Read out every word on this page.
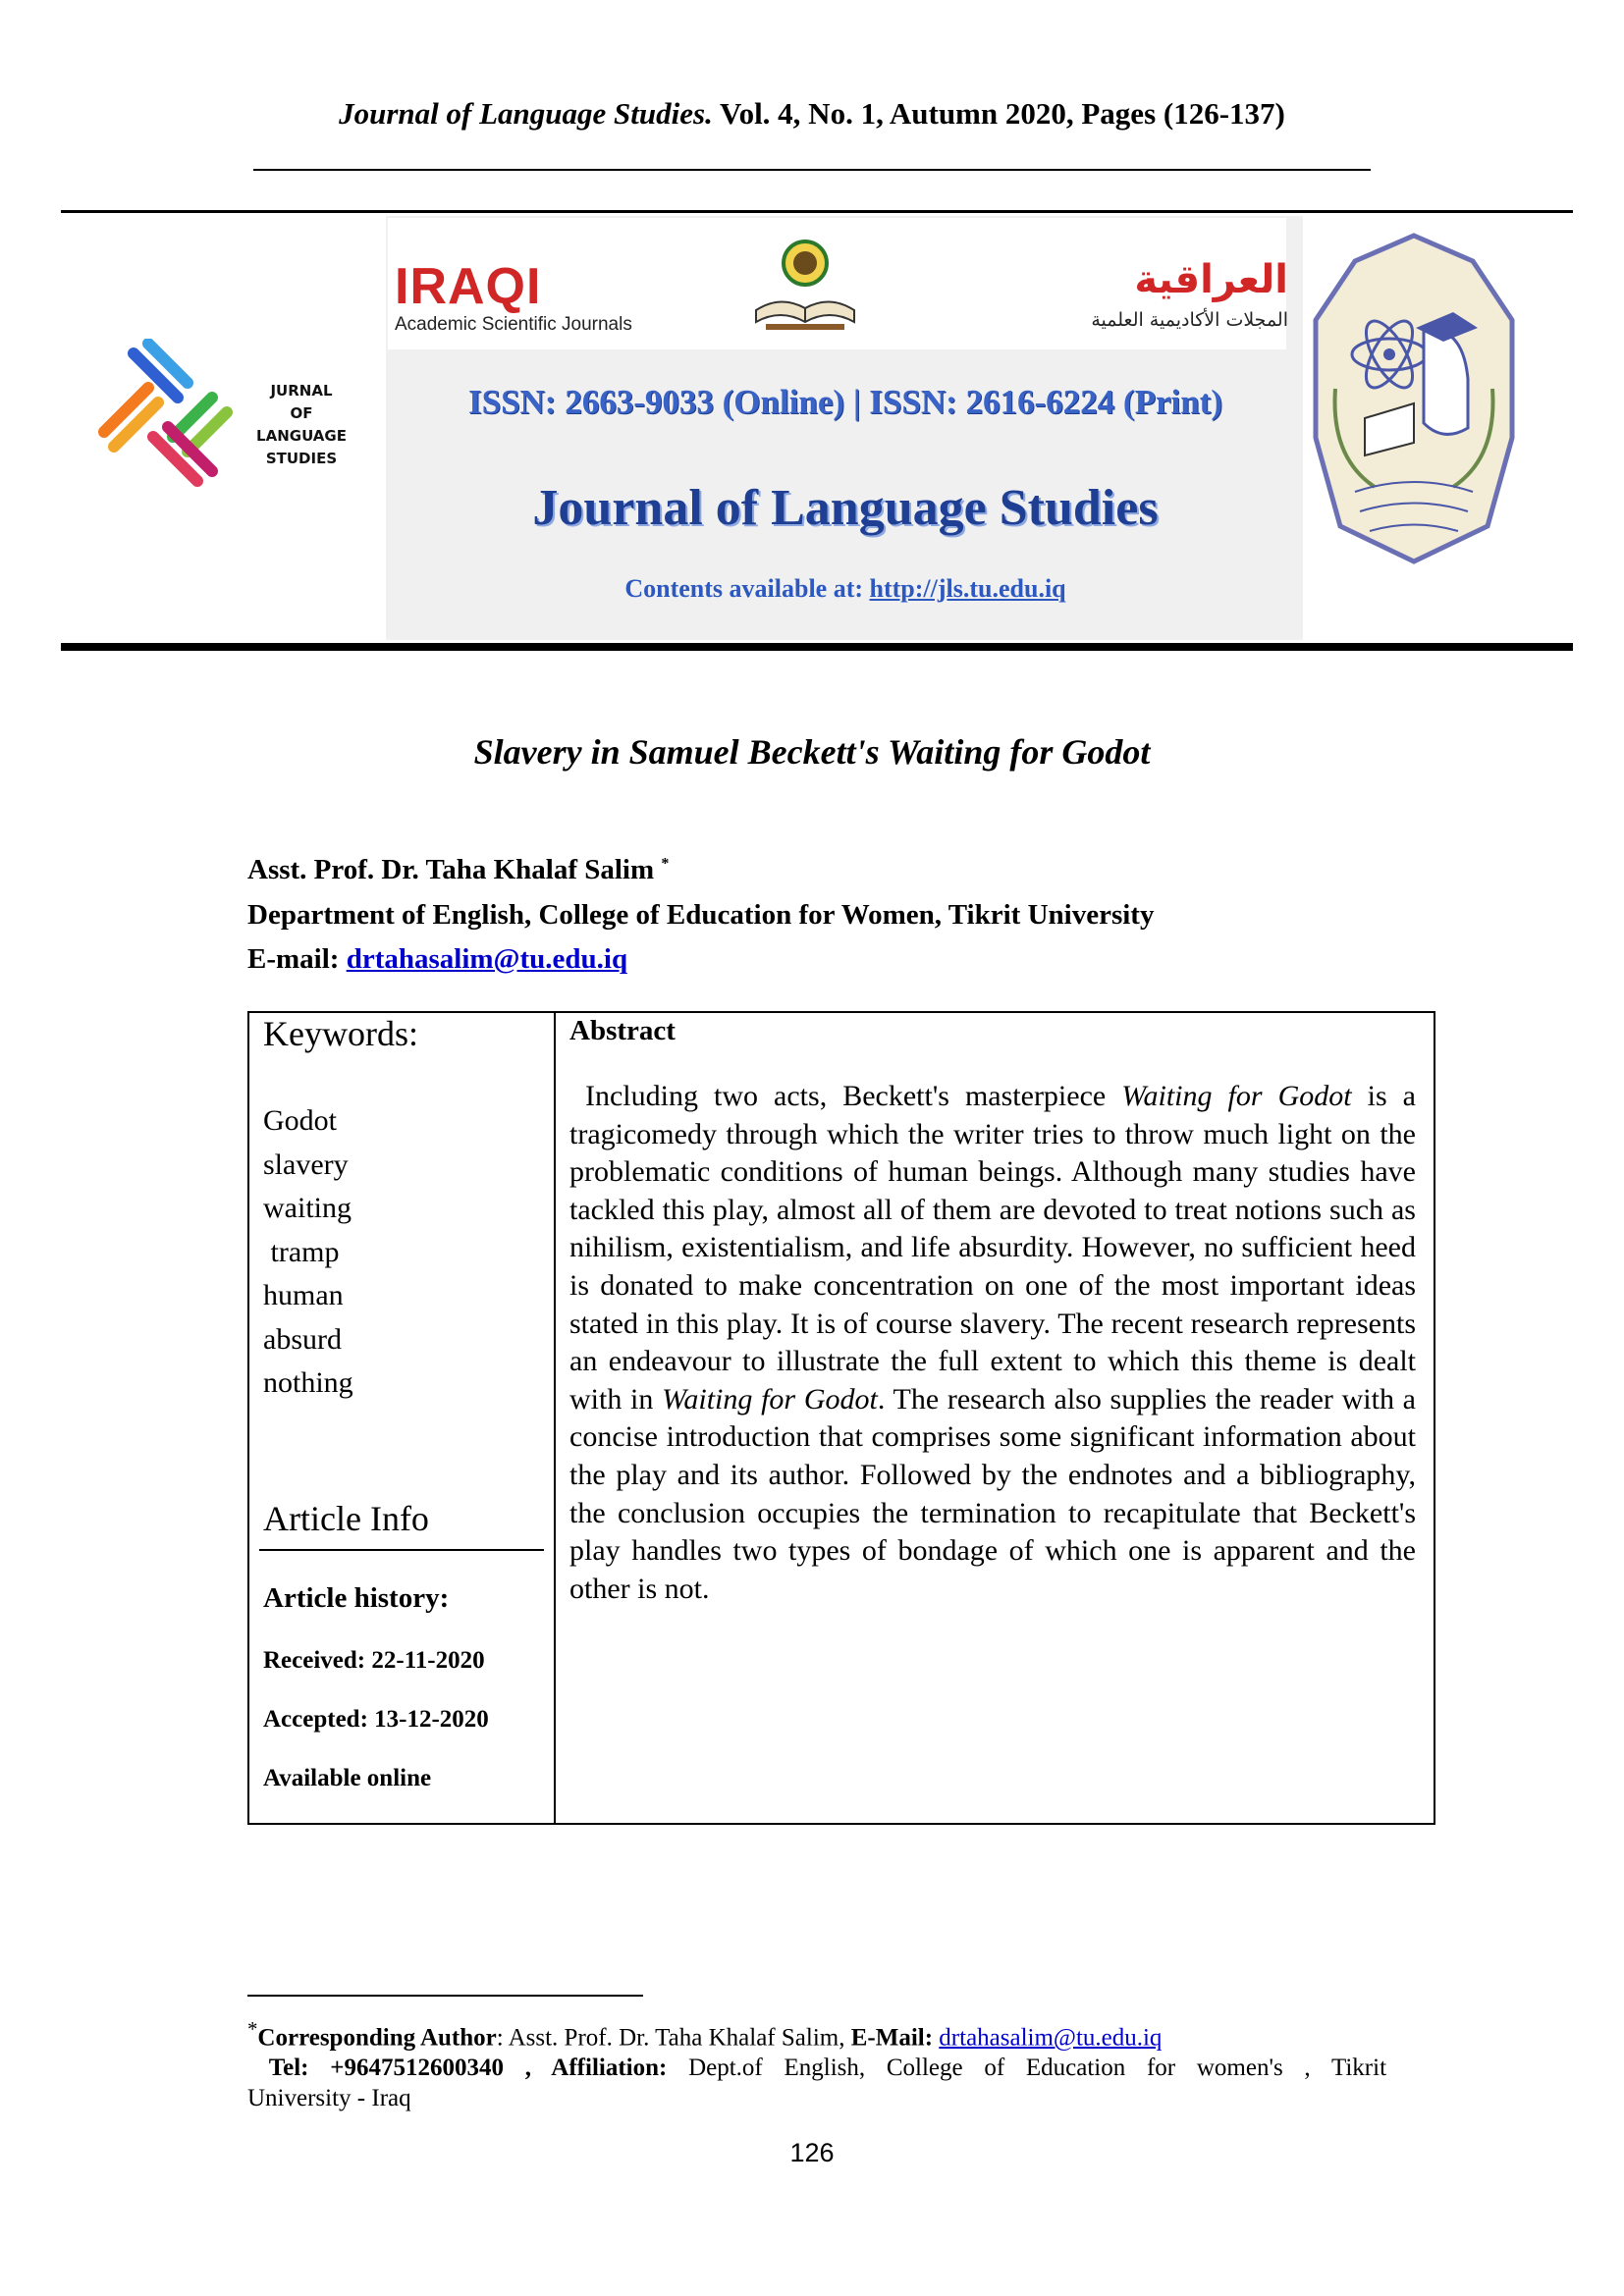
Journal of Language Studies. Vol. 4, No. 1, Autumn 2020, Pages (126-137)
IRAQI
Academic Scientific Journals
العراقية
المجلات الأكاديمية العلمية
ISSN: 2663-9033 (Online) | ISSN: 2616-6224 (Print)
Journal of Language Studies
Contents available at: http://jls.tu.edu.iq
JURNAL
OF
LANGUAGE
STUDIES
Slavery in Samuel Beckett's Waiting for Godot
Asst. Prof. Dr. Taha Khalaf Salim *
Department of English, College of Education for Women, Tikrit University
E-mail: drtahasalim@tu.edu.iq
Keywords:
Godot
slavery
waiting
tramp
human
absurd
nothing
Article Info
Article history:
Received: 22-11-2020
Accepted: 13-12-2020
Available online
Abstract

Including two acts, Beckett's masterpiece Waiting for Godot is a tragicomedy through which the writer tries to throw much light on the problematic conditions of human beings. Although many studies have tackled this play, almost all of them are devoted to treat notions such as nihilism, existentialism, and life absurdity. However, no sufficient heed is donated to make concentration on one of the most important ideas stated in this play. It is of course slavery. The recent research represents an endeavour to illustrate the full extent to which this theme is dealt with in Waiting for Godot. The research also supplies the reader with a concise introduction that comprises some significant information about the play and its author. Followed by the endnotes and a bibliography, the conclusion occupies the termination to recapitulate that Beckett's play handles two types of bondage of which one is apparent and the other is not.

*Corresponding Author: Asst. Prof. Dr. Taha Khalaf Salim, E-Mail: drtahasalim@tu.edu.iq
Tel: +9647512600340 , Affiliation: Dept.of English, College of Education for women's , Tikrit
University - Iraq
126
